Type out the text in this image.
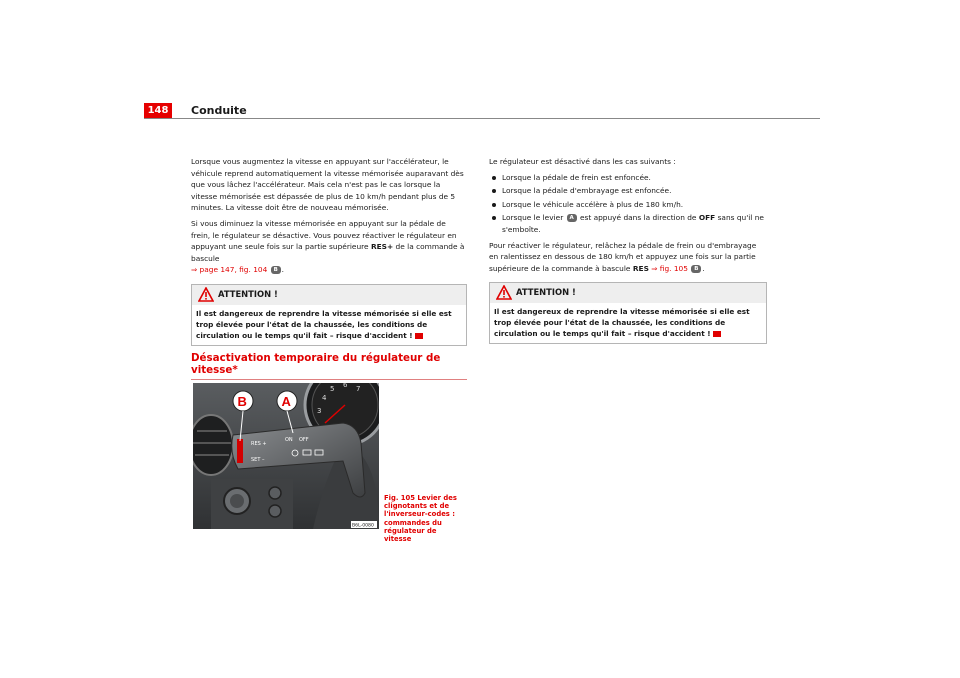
148	Conduite

Lorsque vous augmentez la vitesse en appuyant sur l'accélérateur, le véhicule reprend automatiquement la vitesse mémorisée auparavant dès que vous lâchez l'accélérateur. Mais cela n'est pas le cas lorsque la vitesse mémorisée est dépassée de plus de 10 km/h pendant plus de 5 minutes. La vitesse doit être de nouveau mémorisée.

Si vous diminuez la vitesse mémorisée en appuyant sur la pédale de frein, le régulateur se désactive. Vous pouvez réactiver le régulateur en appuyant une seule fois sur la partie supérieure RES+ de la commande à bascule
⇒ page 147, fig. 104 B .

ATTENTION !
Il est dangereux de reprendre la vitesse mémorisée si elle est trop élevée pour l'état de la chaussée, les conditions de circulation ou le temps qu'il fait – risque d'accident !
Désactivation temporaire du régulateur de vitesse*
3
4
5 6 7
RES +
SET –
ON OFF
B	A
B6L-0080
Fig. 105 Levier des clignotants et de l'inverseur-codes : commandes du régulateur de vitesse

Le régulateur est désactivé dans les cas suivants :

Lorsque la pédale de frein est enfoncée.
Lorsque la pédale d'embrayage est enfoncée.
Lorsque le véhicule accélère à plus de 180 km/h.
Lorsque le levier A est appuyé dans la direction de OFF sans qu'il ne s'emboîte.

Pour réactiver le régulateur, relâchez la pédale de frein ou d'embrayage en ralentissez en dessous de 180 km/h et appuyez une fois sur la partie supérieure de la commande à bascule RES ⇒ fig. 105 B .

ATTENTION !
Il est dangereux de reprendre la vitesse mémorisée si elle est trop élevée pour l'état de la chaussée, les conditions de circulation ou le temps qu'il fait – risque d'accident !
